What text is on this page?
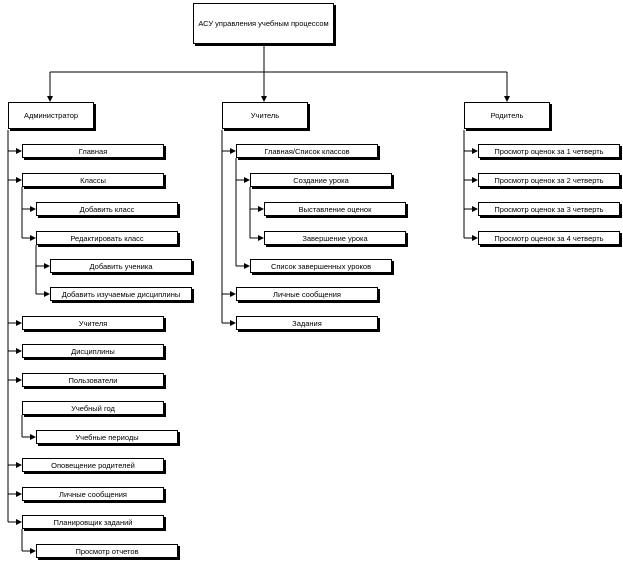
АСУ управления учебным процессом
Администратор	Учитель	Родитель
Главная
Классы
Добавить класс
Редактировать класс
Добавить ученика
Добавить изучаемые дисциплины
Учителя
Дисциплины
Пользователи
Учебный год
Учебные периоды
Оповещение родителей
Личные сообщения
Планировщик заданий
Просмотр отчетов
Главная/Список классов
Создание урока
Выставление оценок
Завершение урока
Список завершенных уроков
Личные сообщения
Задания
Просмотр оценок за 1 четверть
Просмотр оценок за 2 четверть
Просмотр оценок за 3 четверть
Просмотр оценок за 4 четверть
